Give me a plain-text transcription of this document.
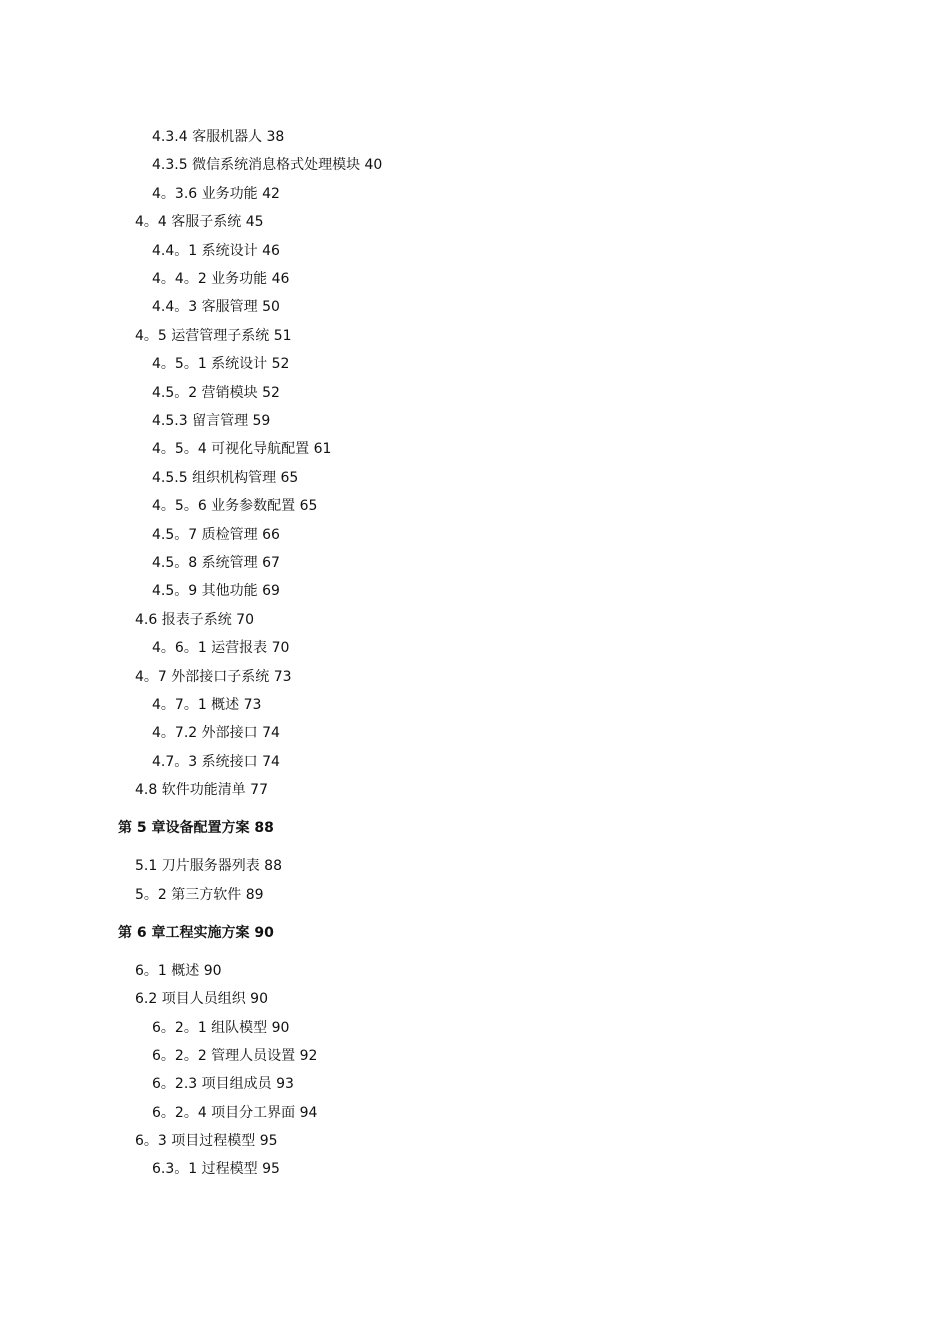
4.3.4 客服机器人 38
4.3.5 微信系统消息格式处理模块 40
4。3.6 业务功能 42
4。4 客服子系统 45
4.4。1 系统设计 46
4。4。2 业务功能 46
4.4。3 客服管理 50
4。5 运营管理子系统 51
4。5。1 系统设计 52
4.5。2 营销模块 52
4.5.3 留言管理 59
4。5。4 可视化导航配置 61
4.5.5 组织机构管理 65
4。5。6 业务参数配置 65
4.5。7 质检管理 66
4.5。8 系统管理 67
4.5。9 其他功能 69
4.6 报表子系统 70
4。6。1 运营报表 70
4。7 外部接口子系统 73
4。7。1 概述 73
4。7.2 外部接口 74
4.7。3 系统接口 74
4.8 软件功能清单 77
第 5 章设备配置方案 88
5.1 刀片服务器列表 88
5。2 第三方软件 89
第 6 章工程实施方案 90
6。1 概述 90
6.2 项目人员组织 90
6。2。1 组队模型 90
6。2。2 管理人员设置 92
6。2.3 项目组成员 93
6。2。4 项目分工界面 94
6。3 项目过程模型 95
6.3。1 过程模型 95
